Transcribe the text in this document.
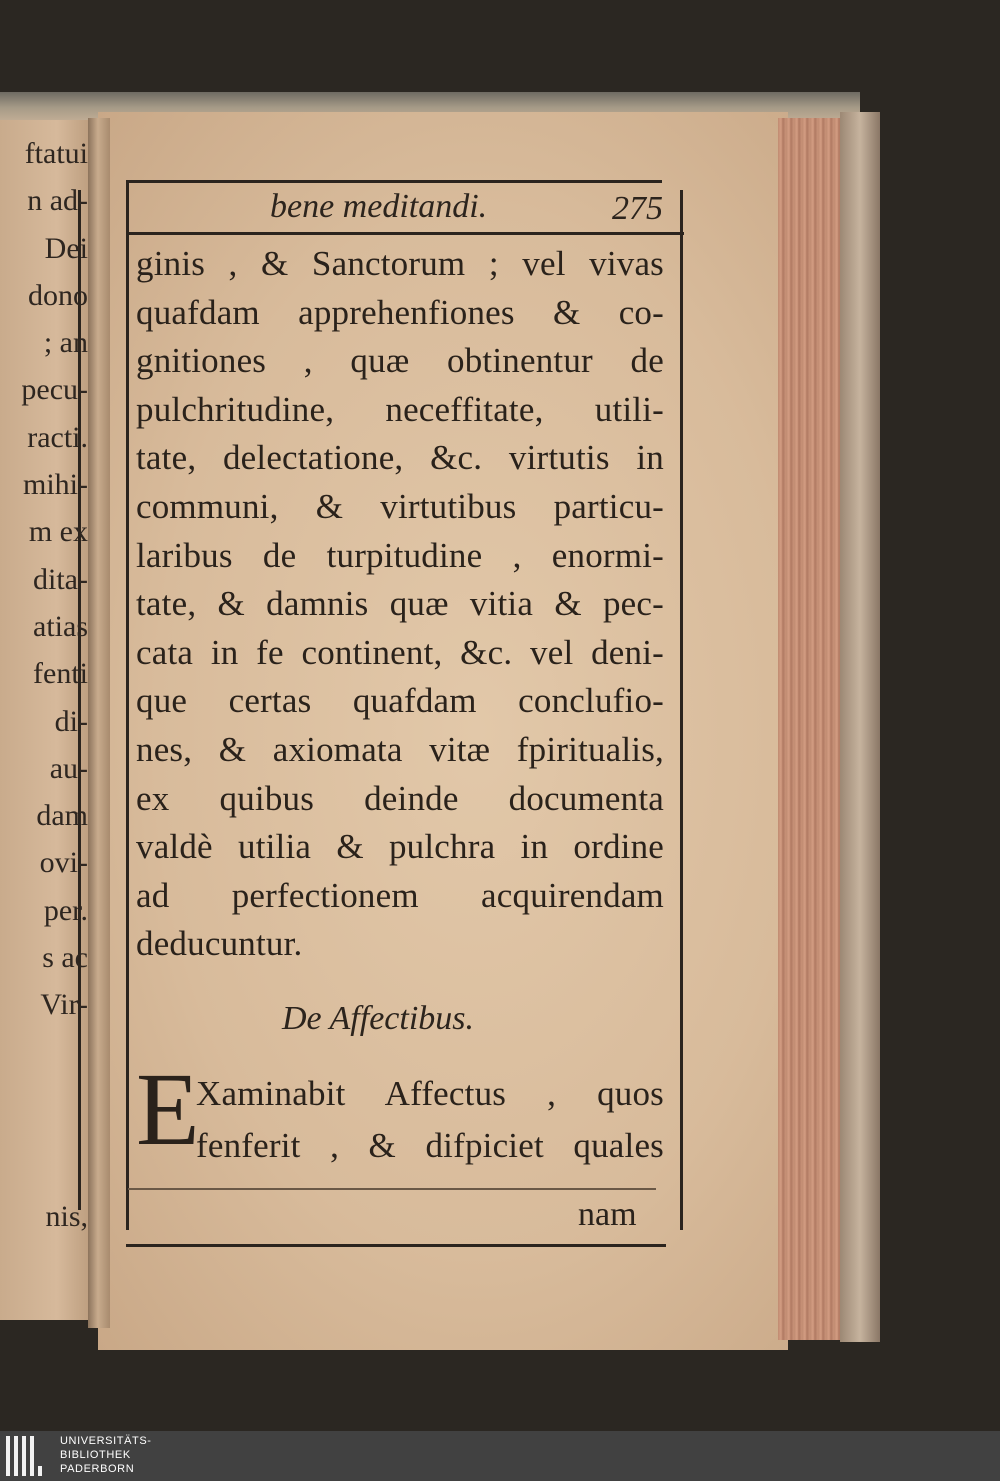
ftatui
n ad-
Dei
dono
; an
pecu-
racti.
mihi-
m ex
dita-
atias
fenti
di-
au-
dam
ovi-
per.
s ac
Vir-
nis,
bene meditandi.	275
ginis , & Sanctorum ; vel vivas
quafdam apprehenfiones & co-
gnitiones , quæ obtinentur de
pulchritudine, neceffitate, utili-
tate, delectatione, &c. virtutis in
communi, & virtutibus particu-
laribus de turpitudine , enormi-
tate, & damnis quæ vitia & pec-
cata in fe continent, &c. vel deni-
que certas quafdam conclufio-
nes, & axiomata vitæ fpiritualis,
ex quibus deinde documenta
valdè utilia & pulchra in ordine
ad perfectionem acquirendam
deducuntur.
De Affectibus.
E
Xaminabit Affectus , quos
fenferit , & difpiciet quales
nam
UNIVERSITÄTS-
BIBLIOTHEK
PADERBORN
